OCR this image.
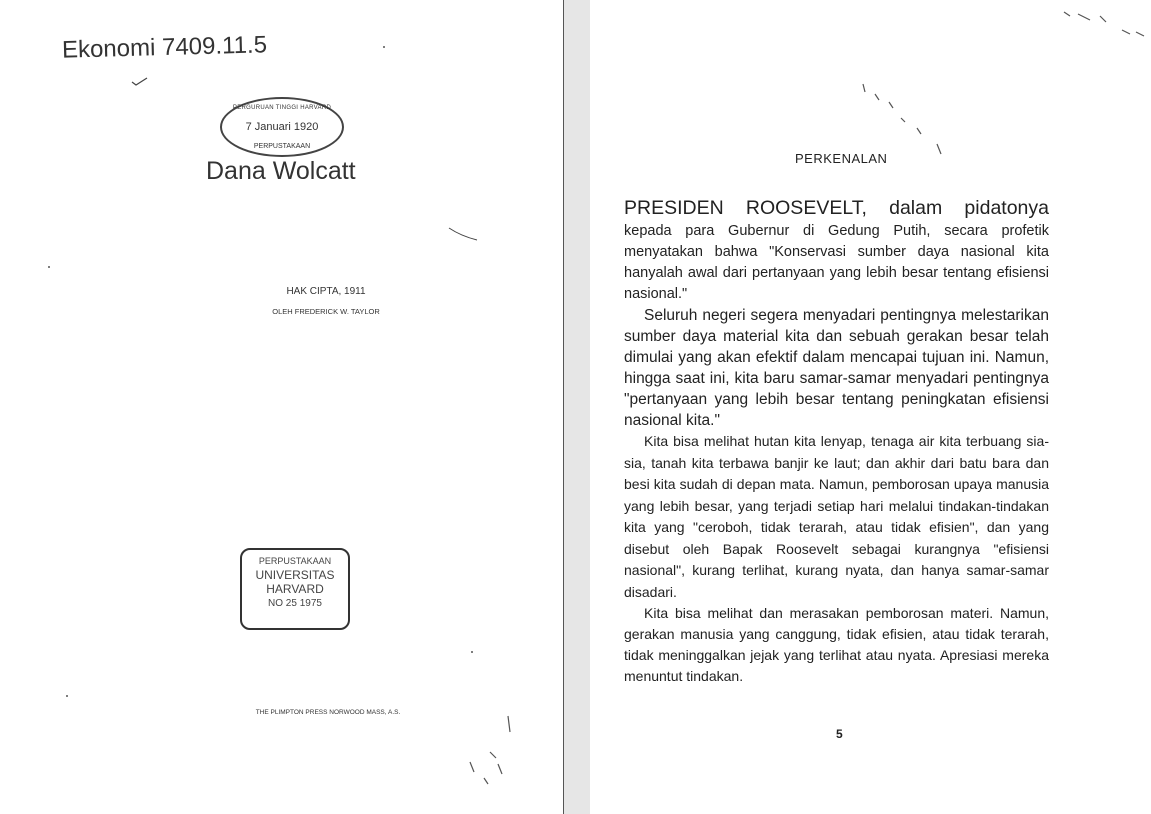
Ekonomi 7409.11.5
PERGURUAN TINGGI HARVARD
7 Januari 1920
PERPUSTAKAAN
Dana Wolcatt
HAK CIPTA, 1911
OLEH FREDERICK W. TAYLOR
PERPUSTAKAAN
UNIVERSITAS
HARVARD
NO 25 1975
THE PLIMPTON PRESS NORWOOD MASS, A.S.
PERKENALAN

PRESIDEN ROOSEVELT, dalam pidatonya kepada para Gubernur di Gedung Putih, secara profetik menyatakan bahwa "Konservasi sumber daya nasional kita hanyalah awal dari pertanyaan yang lebih besar tentang efisiensi nasional."

Seluruh negeri segera menyadari pentingnya melestarikan sumber daya material kita dan sebuah gerakan besar telah dimulai yang akan efektif dalam mencapai tujuan ini. Namun, hingga saat ini, kita baru samar-samar menyadari pentingnya "pertanyaan yang lebih besar tentang peningkatan efisiensi nasional kita."

Kita bisa melihat hutan kita lenyap, tenaga air kita terbuang sia-sia, tanah kita terbawa banjir ke laut; dan akhir dari batu bara dan besi kita sudah di depan mata. Namun, pemborosan upaya manusia yang lebih besar, yang terjadi setiap hari melalui tindakan-tindakan kita yang "ceroboh, tidak terarah, atau tidak efisien", dan yang disebut oleh Bapak Roosevelt sebagai kurangnya "efisiensi nasional", kurang terlihat, kurang nyata, dan hanya samar-samar disadari.

Kita bisa melihat dan merasakan pemborosan materi. Namun, gerakan manusia yang canggung, tidak efisien, atau tidak terarah, tidak meninggalkan jejak yang terlihat atau nyata. Apresiasi mereka menuntut tindakan.

5
